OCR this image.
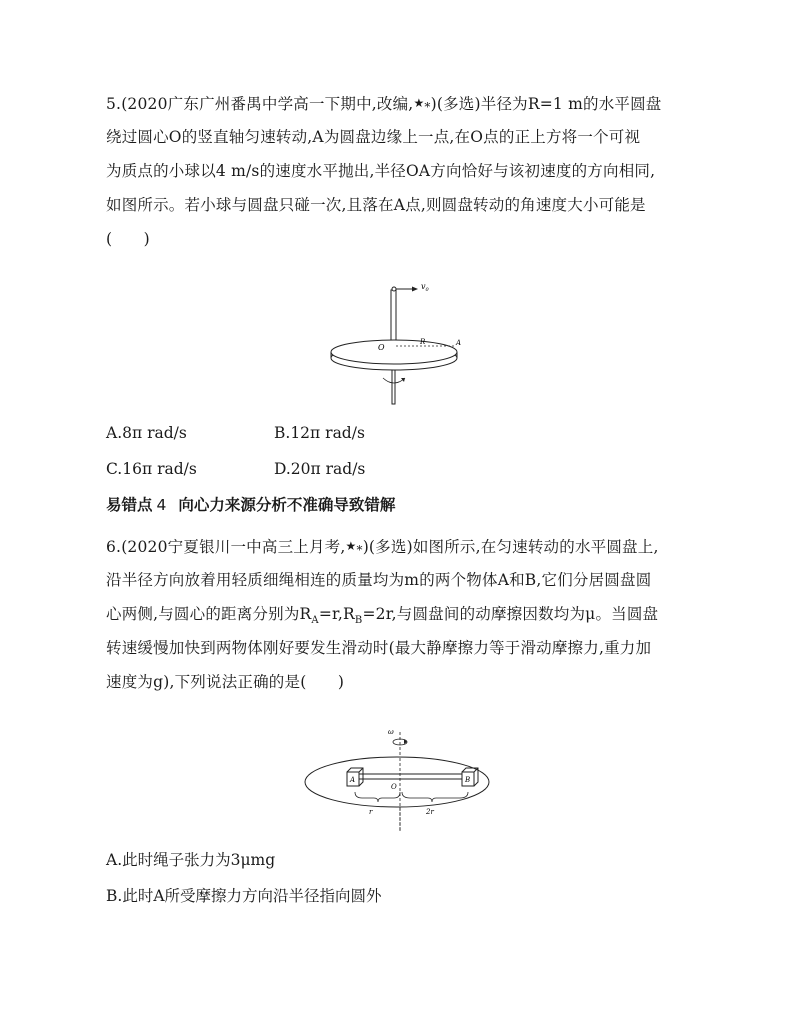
5.(2020广东广州番禺中学高一下期中,改编,★⁎)(多选)半径为R=1 m的水平圆盘
绕过圆心O的竖直轴匀速转动,A为圆盘边缘上一点,在O点的正上方将一个可视
为质点的小球以4 m/s的速度水平抛出,半径OA方向恰好与该初速度的方向相同,
如图所示。若小球与圆盘只碰一次,且落在A点,则圆盘转动的角速度大小可能是
(　　)
$v_0$
O
R	A
A.8π rad/s	B.12π rad/s
C.16π rad/s	D.20π rad/s
易错点 4 向心力来源分析不准确导致错解
6.(2020宁夏银川一中高三上月考,★⁎)(多选)如图所示,在匀速转动的水平圆盘上,
沿半径方向放着用轻质细绳相连的质量均为m的两个物体A和B,它们分居圆盘圆
心两侧,与圆心的距离分别为$R_A=r,R_B=2r$,与圆盘间的动摩擦因数均为μ。当圆盘
转速缓慢加快到两物体刚好要发生滑动时(最大静摩擦力等于滑动摩擦力,重力加
速度为g),下列说法正确的是(　　)
ω
A	B
O
r	2r
A.此时绳子张力为3μmg
B.此时A所受摩擦力方向沿半径指向圆外
